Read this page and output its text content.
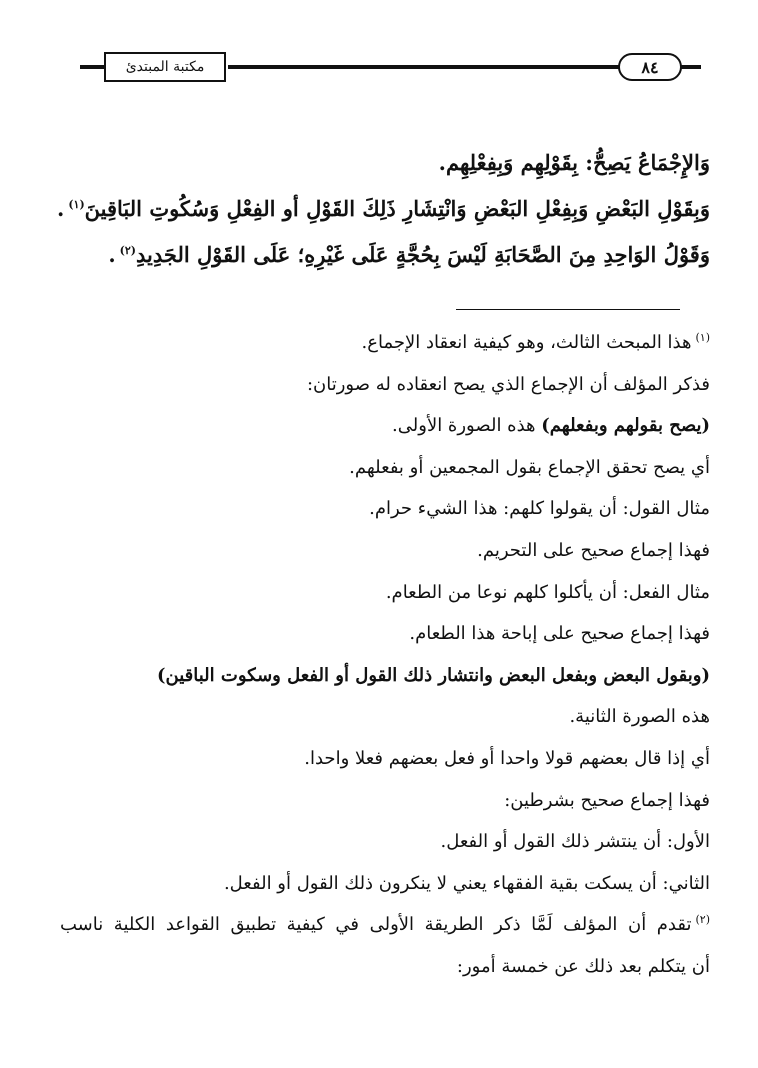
مكتبة المبتدئ	٨٤
وَالإِجْمَاعُ يَصِحُّ: بِقَوْلِهِم وَبِفِعْلِهِم.
وَبِقَوْلِ البَعْضِ وَبِفِعْلِ البَعْضِ وَانْتِشَارِ ذَلِكَ القَوْلِ أو الفِعْلِ وَسُكُوتِ البَاقِينَ$^{(١)}$.
وَقَوْلُ الوَاحِدِ مِنَ الصَّحَابَةِ لَيْسَ بِحُجَّةٍ عَلَى غَيْرِهِ؛ عَلَى القَوْلِ الجَدِيدِ$^{(٢)}$.
$^{(١)}$هذا المبحث الثالث، وهو كيفية انعقاد الإجماع.
فذكر المؤلف أن الإجماع الذي يصح انعقاده له صورتان:
(يصح بقولهم وبفعلهم) هذه الصورة الأولى.
أي يصح تحقق الإجماع بقول المجمعين أو بفعلهم.
مثال القول: أن يقولوا كلهم: هذا الشيء حرام.
فهذا إجماع صحيح على التحريم.
مثال الفعل: أن يأكلوا كلهم نوعا من الطعام.
فهذا إجماع صحيح على إباحة هذا الطعام.
(وبقول البعض وبفعل البعض وانتشار ذلك القول أو الفعل وسكوت الباقين)
هذه الصورة الثانية.
أي إذا قال بعضهم قولا واحدا أو فعل بعضهم فعلا واحدا.
فهذا إجماع صحيح بشرطين:
الأول: أن ينتشر ذلك القول أو الفعل.
الثاني: أن يسكت بقية الفقهاء يعني لا ينكرون ذلك القول أو الفعل.
$^{(٢)}$تقدم أن المؤلف لَمَّا ذكر الطريقة الأولى في كيفية تطبيق القواعد الكلية ناسب
أن يتكلم بعد ذلك عن خمسة أمور:
